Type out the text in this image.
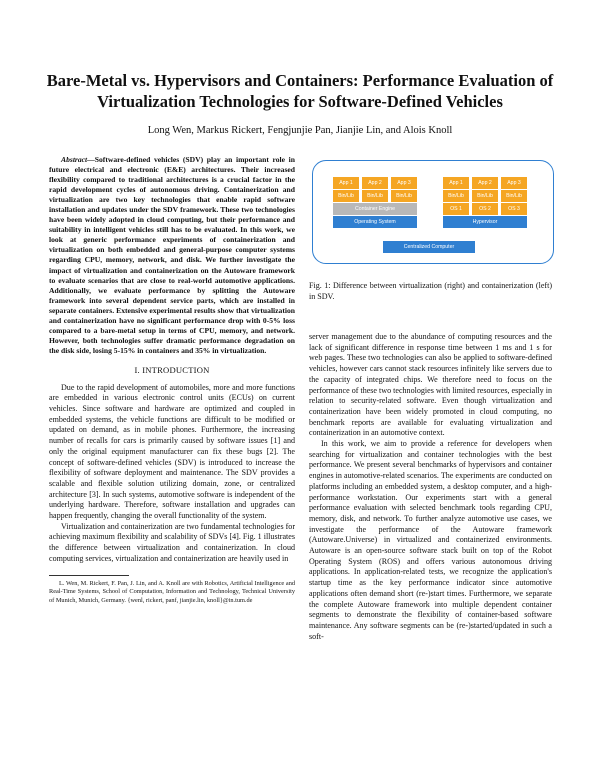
Bare-Metal vs. Hypervisors and Containers: Performance Evaluation of
Virtualization Technologies for Software-Defined Vehicles
Long Wen, Markus Rickert, Fengjunjie Pan, Jianjie Lin, and Alois Knoll

Abstract—Software-defined vehicles (SDV) play an important role in future electrical and electronic (E&E) architectures. Their increased flexibility compared to traditional architectures is a crucial factor in the rapid development cycles of autonomous driving. Containerization and virtualization are two key technologies that enable rapid software installation and updates under the SDV framework. These two technologies have been widely adopted in cloud computing, but their performance and suitability in intelligent vehicles still has to be evaluated. In this work, we look at generic performance experiments of containerization and virtualization on both embedded and general-purpose computer systems regarding CPU, memory, network, and disk. We further investigate the impact of virtualization and containerization on the Autoware framework to evaluate scenarios that are close to real-world automotive applications. Additionally, we evaluate performance by splitting the Autoware framework into several dependent service parts, which are installed in separate containers. Extensive experimental results show that virtualization and containerization have no significant performance drop with 0-5% loss compared to a bare-metal setup in terms of CPU, memory, and network. However, both technologies suffer dramatic performance degradation on the disk side, losing 5-15% in containers and 35% in virtualization.

I. INTRODUCTION

Due to the rapid development of automobiles, more and more functions are embedded in various electronic control units (ECUs) on current vehicles. Since software and hardware are optimized and coupled in embedded systems, the vehicle functions are difficult to be modified or updated on demand, as in mobile phones. Furthermore, the increasing number of recalls for cars is primarily caused by software issues [1] and only the original equipment manufacturer can fix these bugs [2]. The concept of software-defined vehicles (SDV) is introduced to increase the flexibility of software deployment and maintenance. The SDV provides a scalable and flexible solution utilizing domain, zone, or centralized architecture [3]. In such systems, automotive software is independent of the underlying hardware. Therefore, software installation and upgrades can happen frequently, changing the overall functionality of the system.

Virtualization and containerization are two fundamental technologies for achieving maximum flexibility and scalability of SDVs [4]. Fig. 1 illustrates the difference between virtualization and containerization. In cloud computing services, virtualization and containerization are heavily used in

L. Wen, M. Rickert, F. Pan, J. Lin, and A. Knoll are with Robotics, Artificial Intelligence and Real-Time Systems, School of Computation, Information and Technology, Technical University of Munich, Munich, Germany. {wenl, rickert, panf, jianjie.lin, knoll}@in.tum.de

App 1	App 2	App 3
Bin/Lib	Bin/Lib	Bin/Lib
Container Engine
Operating System
App 1	App 2	App 3
Bin/Lib	Bin/Lib	Bin/Lib
OS 1	OS 2	OS 3
Hypervisor
Centralized Computer
Fig. 1: Difference between virtualization (right) and containerization (left) in SDV.

server management due to the abundance of computing resources and the lack of significant difference in response time between 1 ms and 1 s for web pages. These two technologies can also be applied to software-defined vehicles, however cars cannot stack resources infinitely like servers due to the capacity of integrated chips. We therefore need to focus on the performance of these two technologies with limited resources, especially in relation to security-related software. Even though virtualization and containerization have been widely promoted in cloud computing, no benchmark reports are available for evaluating virtualization and containerization in an automotive context.

In this work, we aim to provide a reference for developers when searching for virtualization and container technologies with the best performance. We present several benchmarks of hypervisors and container engines in automotive-related scenarios. The experiments are conducted on platforms including an embedded system, a desktop computer, and a high-performance workstation. Our experiments start with a general performance evaluation with selected benchmark tools regarding CPU, memory, disk, and network. To further analyze automotive use cases, we investigate the performance of the Autoware framework (Autoware.Universe) in virtualized and containerized environments. Autoware is an open-source software stack built on top of the Robot Operating System (ROS) and offers various autonomous driving applications. In application-related tests, we recognize the application's startup time as the key performance indicator since automotive applications often demand short (re-)start times. Furthermore, we separate the complete Autoware framework into multiple dependent container segments to demonstrate the flexibility of container-based software maintenance. Any software segments can be (re-)started/updated in such a soft-
